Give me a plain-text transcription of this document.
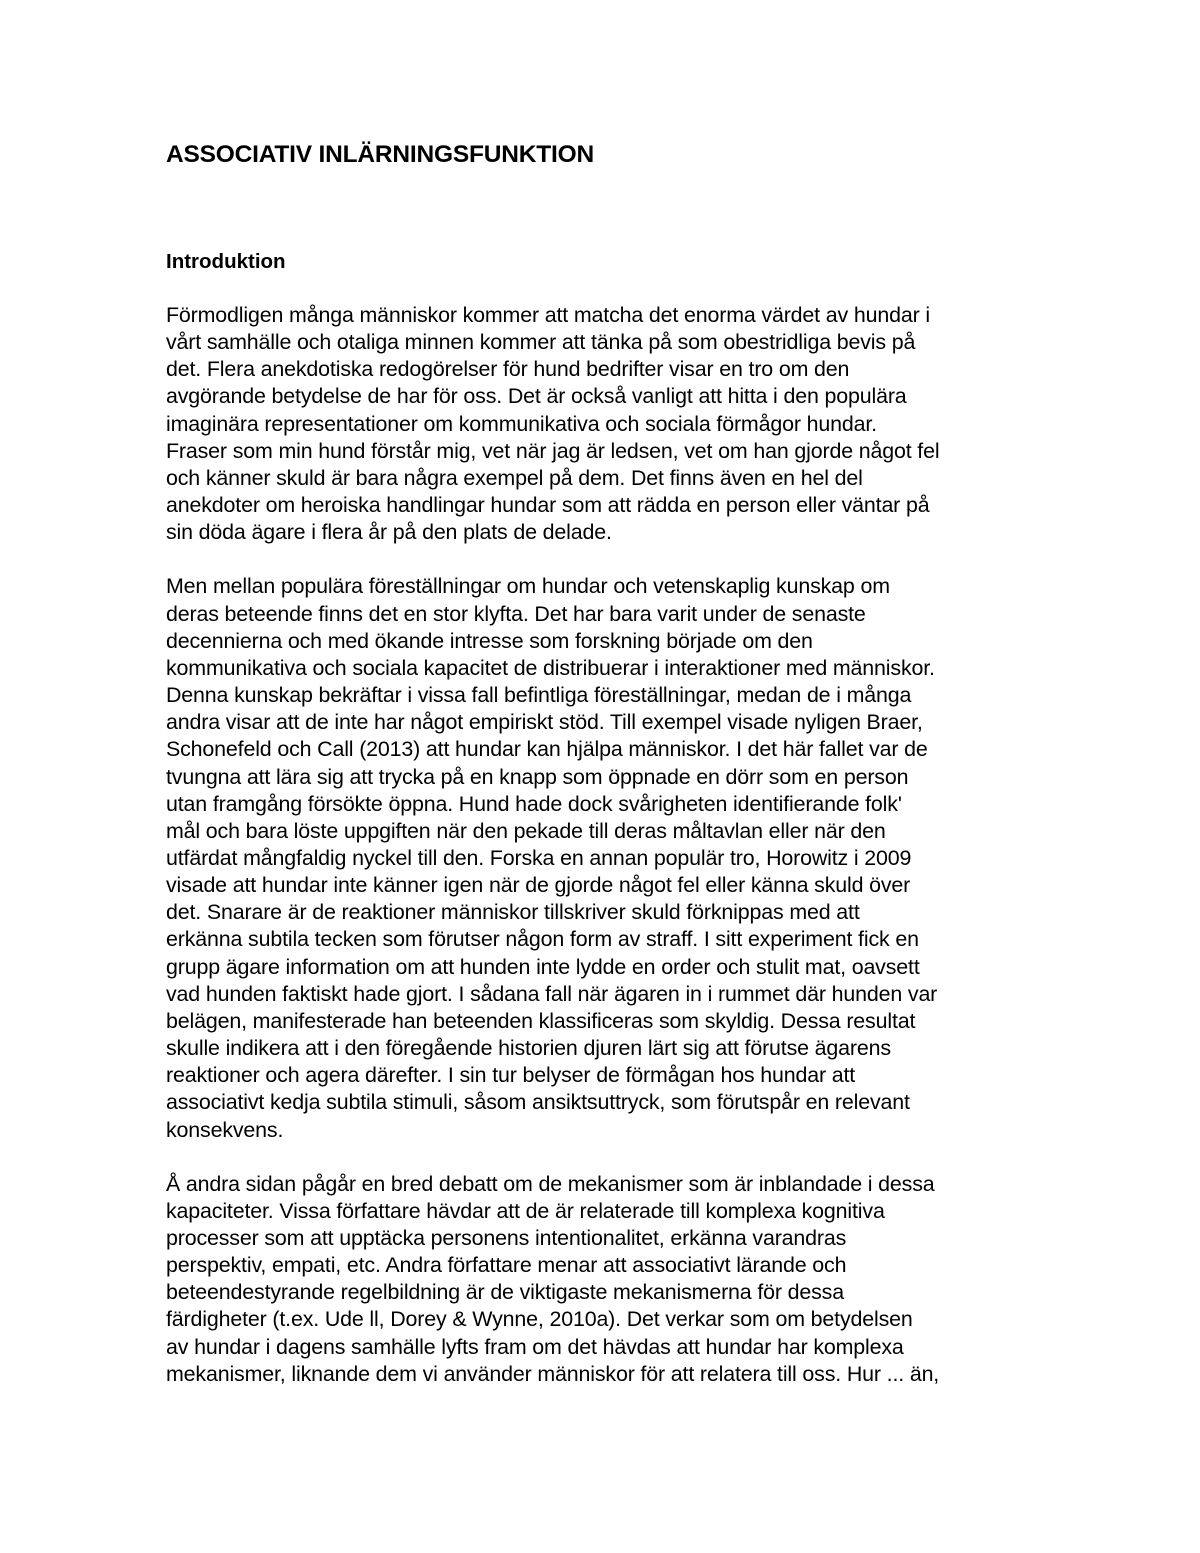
ASSOCIATIV INLÄRNINGSFUNKTION
Introduktion

Förmodligen många människor kommer att matcha det enorma värdet av hundar i
vårt samhälle och otaliga minnen kommer att tänka på som obestridliga bevis på
det. Flera anekdotiska redogörelser för hund bedrifter visar en tro om den
avgörande betydelse de har för oss. Det är också vanligt att hitta i den populära
imaginära representationer om kommunikativa och sociala förmågor hundar.
Fraser som min hund förstår mig, vet när jag är ledsen, vet om han gjorde något fel
och känner skuld är bara några exempel på dem. Det finns även en hel del
anekdoter om heroiska handlingar hundar som att rädda en person eller väntar på
sin döda ägare i flera år på den plats de delade.

Men mellan populära föreställningar om hundar och vetenskaplig kunskap om
deras beteende finns det en stor klyfta. Det har bara varit under de senaste
decennierna och med ökande intresse som forskning började om den
kommunikativa och sociala kapacitet de distribuerar i interaktioner med människor.
Denna kunskap bekräftar i vissa fall befintliga föreställningar, medan de i många
andra visar att de inte har något empiriskt stöd. Till exempel visade nyligen Braer,
Schonefeld och Call (2013) att hundar kan hjälpa människor. I det här fallet var de
tvungna att lära sig att trycka på en knapp som öppnade en dörr som en person
utan framgång försökte öppna. Hund hade dock svårigheten identifierande folk'
mål och bara löste uppgiften när den pekade till deras måltavlan eller när den
utfärdat mångfaldig nyckel till den. Forska en annan populär tro, Horowitz i 2009
visade att hundar inte känner igen när de gjorde något fel eller känna skuld över
det. Snarare är de reaktioner människor tillskriver skuld förknippas med att
erkänna subtila tecken som förutser någon form av straff. I sitt experiment fick en
grupp ägare information om att hunden inte lydde en order och stulit mat, oavsett
vad hunden faktiskt hade gjort. I sådana fall när ägaren in i rummet där hunden var
belägen, manifesterade han beteenden klassificeras som skyldig. Dessa resultat
skulle indikera att i den föregående historien djuren lärt sig att förutse ägarens
reaktioner och agera därefter. I sin tur belyser de förmågan hos hundar att
associativt kedja subtila stimuli, såsom ansiktsuttryck, som förutspår en relevant
konsekvens.

Å andra sidan pågår en bred debatt om de mekanismer som är inblandade i dessa
kapaciteter. Vissa författare hävdar att de är relaterade till komplexa kognitiva
processer som att upptäcka personens intentionalitet, erkänna varandras
perspektiv, empati, etc. Andra författare menar att associativt lärande och
beteendestyrande regelbildning är de viktigaste mekanismerna för dessa
färdigheter (t.ex. Ude ll, Dorey & Wynne, 2010a). Det verkar som om betydelsen
av hundar i dagens samhälle lyfts fram om det hävdas att hundar har komplexa
mekanismer, liknande dem vi använder människor för att relatera till oss. Hur ... än,
